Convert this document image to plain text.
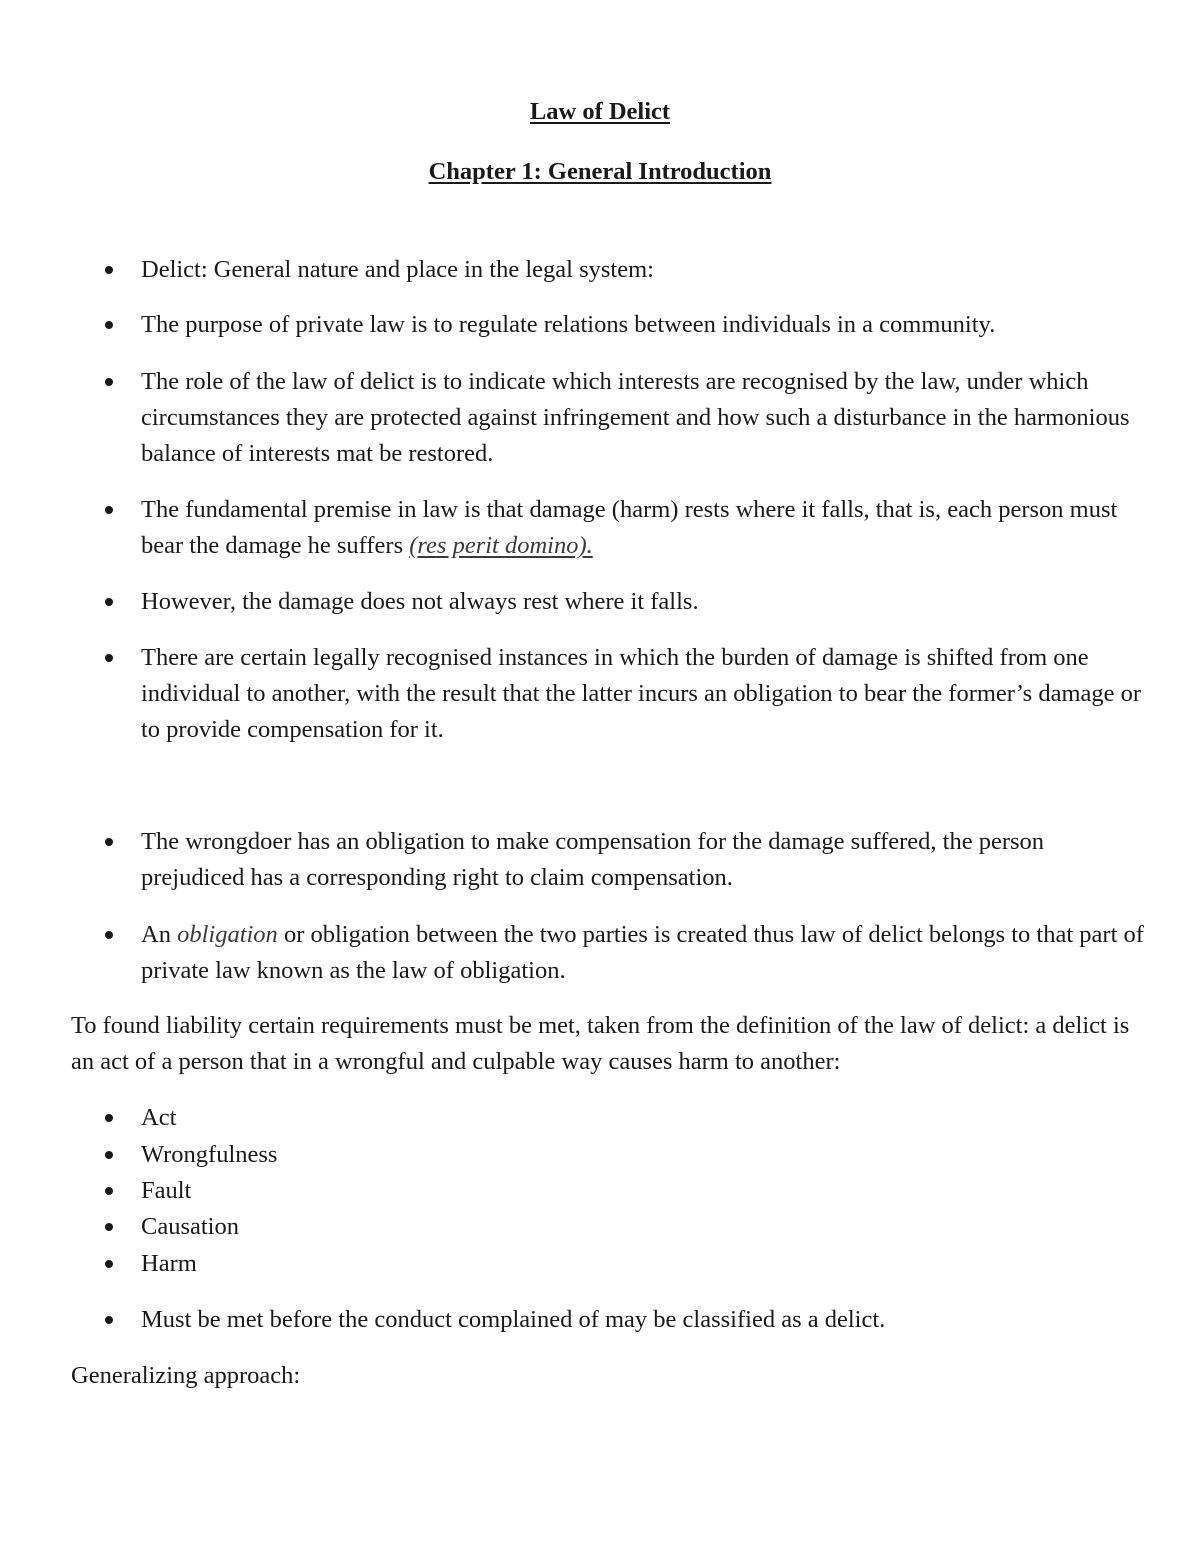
Law of Delict
Chapter 1: General Introduction
Delict: General nature and place in the legal system:
The purpose of private law is to regulate relations between individuals in a community.
The role of the law of delict is to indicate which interests are recognised by the law, under which circumstances they are protected against infringement and how such a disturbance in the harmonious balance of interests mat be restored.
The fundamental premise in law is that damage (harm) rests where it falls, that is, each person must bear the damage he suffers (res perit domino).
However, the damage does not always rest where it falls.
There are certain legally recognised instances in which the burden of damage is shifted from one individual to another, with the result that the latter incurs an obligation to bear the former’s damage or to provide compensation for it.
The wrongdoer has an obligation to make compensation for the damage suffered, the person prejudiced has a corresponding right to claim compensation.
An obligation or obligation between the two parties is created thus law of delict belongs to that part of private law known as the law of obligation.
To found liability certain requirements must be met, taken from the definition of the law of delict: a delict is an act of a person that in a wrongful and culpable way causes harm to another:
Act
Wrongfulness
Fault
Causation
Harm
Must be met before the conduct complained of may be classified as a delict.
Generalizing approach:
